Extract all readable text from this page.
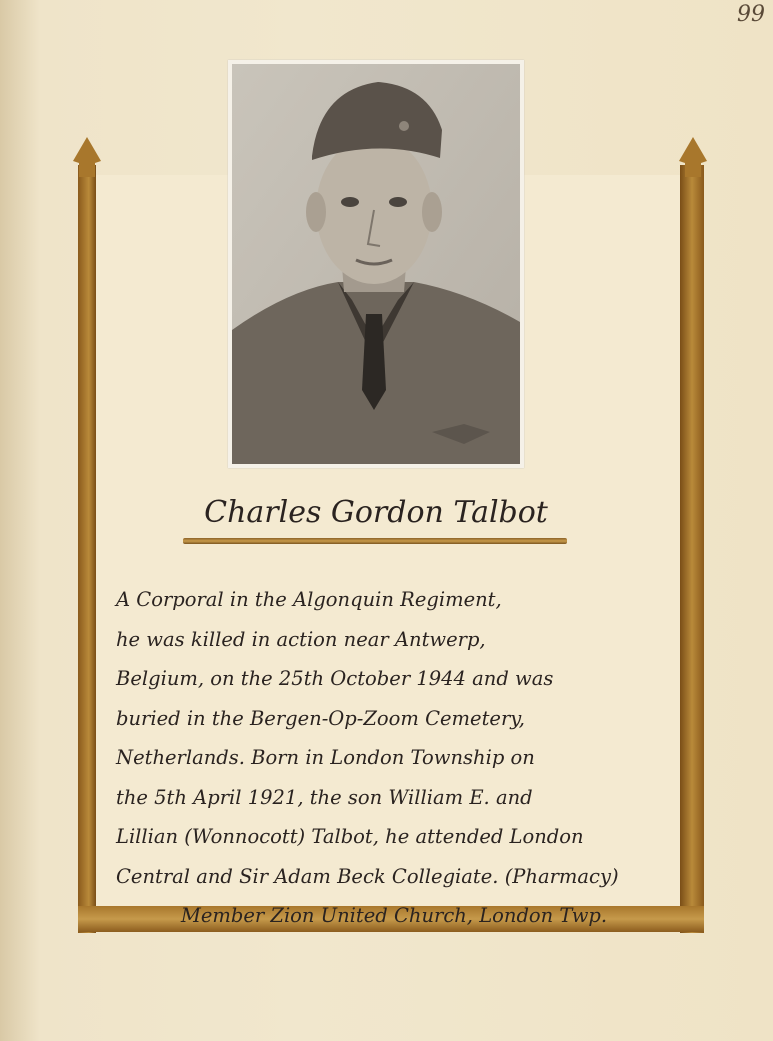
99
Charles Gordon Talbot
A Corporal in the Algonquin Regiment,
he was killed in action near Antwerp,
Belgium, on the 25th October 1944 and was
buried in the Bergen-Op-Zoom Cemetery,
Netherlands. Born in London Township on
the 5th April 1921, the son William E. and
Lillian (Wonnocott) Talbot, he attended London
Central and Sir Adam Beck Collegiate. (Pharmacy)
Member Zion United Church, London Twp.
